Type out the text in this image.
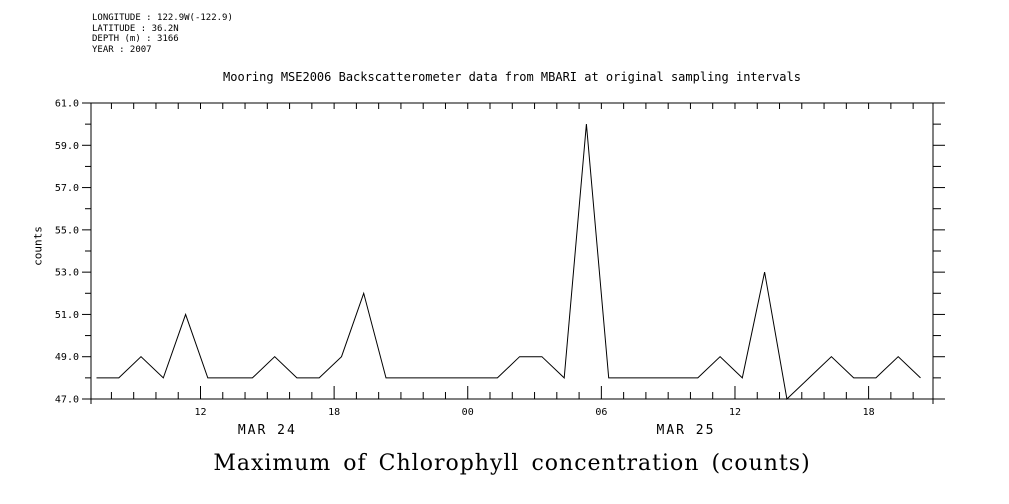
LONGITUDE : 122.9W(-122.9)
LATITUDE : 36.2N
DEPTH (m) : 3166
YEAR : 2007
Mooring MSE2006 Backscatterometer data from MBARI at original sampling intervals
counts
61.0
59.0
57.0
55.0
53.0
51.0
49.0
47.0
12	18	00	06	12	18
MAR 24	MAR 25
Maximum of Chlorophyll concentration (counts)
